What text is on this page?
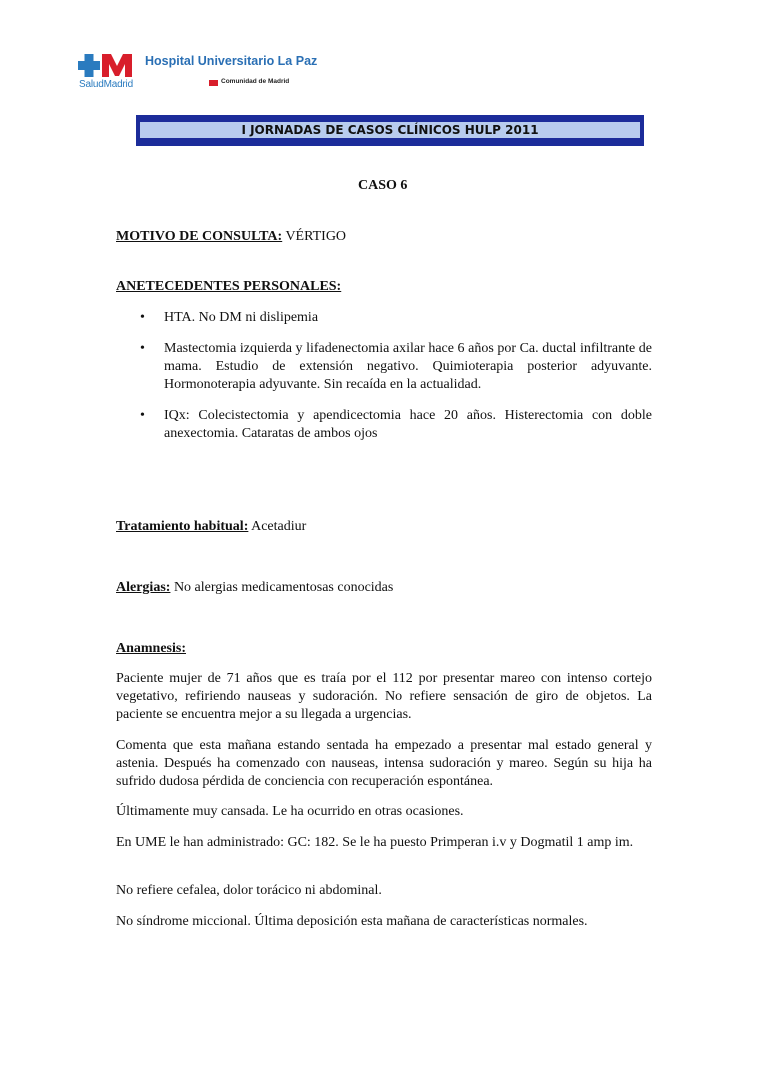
SaludMadrid
Hospital Universitario La Paz
Comunidad de Madrid
I JORNADAS DE CASOS CLÍNICOS HULP 2011
CASO 6
MOTIVO DE CONSULTA: VÉRTIGO
ANETECEDENTES PERSONALES:
• HTA. No DM ni dislipemia
• Mastectomia izquierda y lifadenectomia axilar hace 6 años por Ca. ductal infiltrante de mama. Estudio de extensión negativo. Quimioterapia posterior adyuvante. Hormonoterapia adyuvante. Sin recaída en la actualidad.
• IQx: Colecistectomia y apendicectomia hace 20 años. Histerectomia con doble anexectomia. Cataratas de ambos ojos
Tratamiento habitual: Acetadiur
Alergias: No alergias medicamentosas conocidas
Anamnesis:

Paciente mujer de 71 años que es traía por el 112 por presentar mareo con intenso cortejo vegetativo, refiriendo nauseas y sudoración. No refiere sensación de giro de objetos. La paciente se encuentra mejor a su llegada a urgencias.

Comenta que esta mañana estando sentada ha empezado a presentar mal estado general y astenia. Después ha comenzado con nauseas, intensa sudoración y mareo. Según su hija ha sufrido dudosa pérdida de conciencia con recuperación espontánea.

Últimamente muy cansada. Le ha ocurrido en otras ocasiones.

En UME le han administrado: GC: 182. Se le ha puesto Primperan i.v y Dogmatil 1 amp im.

No refiere cefalea, dolor torácico ni abdominal.

No síndrome miccional. Última deposición esta mañana de características normales.
